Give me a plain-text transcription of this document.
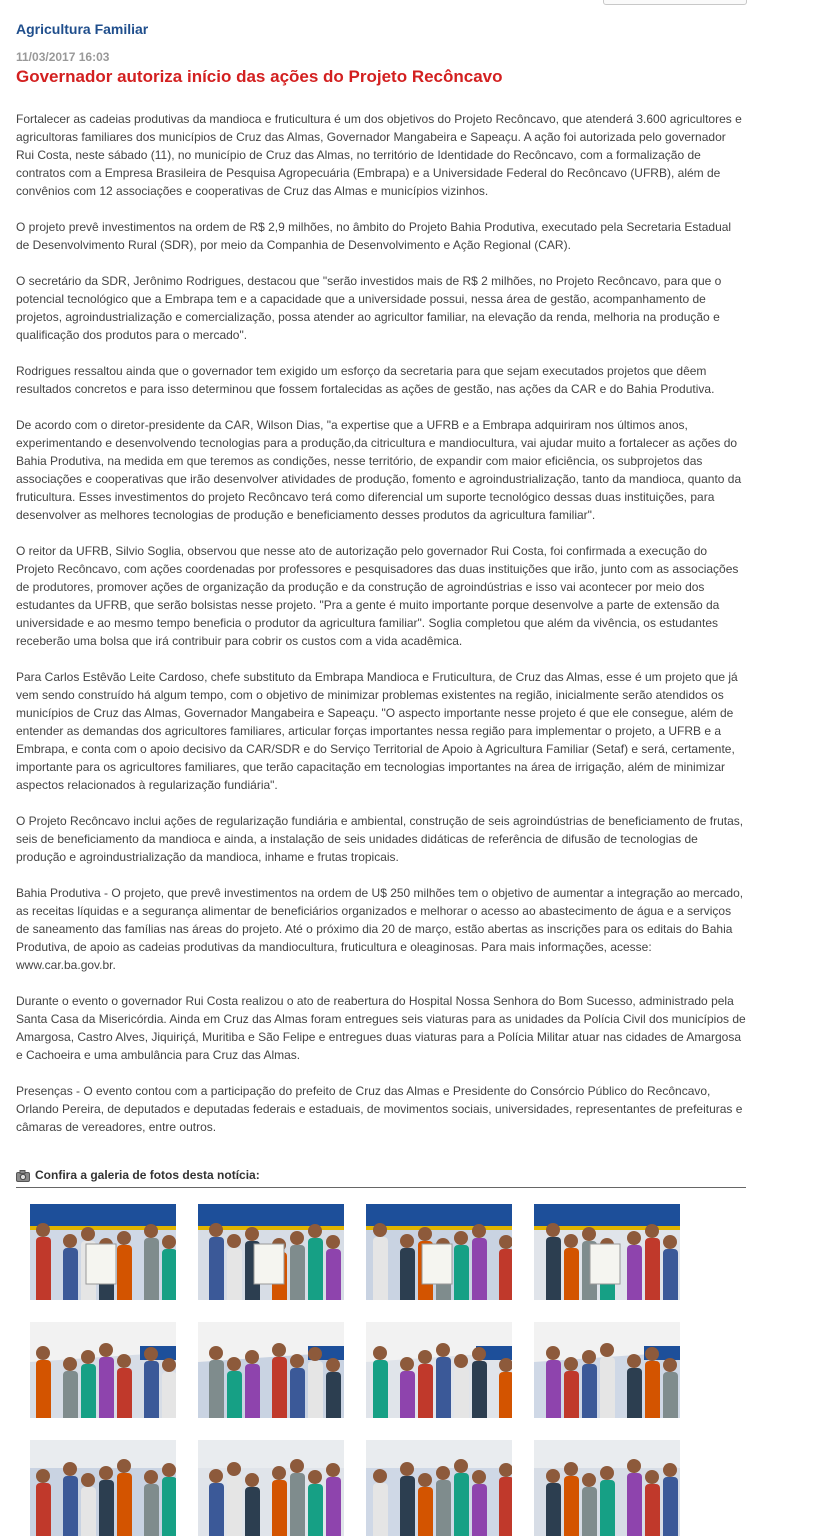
Agricultura Familiar
11/03/2017 16:03
Governador autoriza início das ações do Projeto Recôncavo

Fortalecer as cadeias produtivas da mandioca e fruticultura é um dos objetivos do Projeto Recôncavo, que atenderá 3.600 agricultores e agricultoras familiares dos municípios de Cruz das Almas, Governador Mangabeira e Sapeaçu. A ação foi autorizada pelo governador Rui Costa, neste sábado (11), no município de Cruz das Almas, no território de Identidade do Recôncavo, com a formalização de contratos com a Empresa Brasileira de Pesquisa Agropecuária (Embrapa) e a Universidade Federal do Recôncavo (UFRB), além de convênios com 12 associações e cooperativas de Cruz das Almas e municípios vizinhos.

O projeto prevê investimentos na ordem de R$ 2,9 milhões, no âmbito do Projeto Bahia Produtiva, executado pela Secretaria Estadual de Desenvolvimento Rural (SDR), por meio da Companhia de Desenvolvimento e Ação Regional (CAR).

O secretário da SDR, Jerônimo Rodrigues, destacou que "serão investidos mais de R$ 2 milhões, no Projeto Recôncavo, para que o potencial tecnológico que a Embrapa tem e a capacidade que a universidade possui, nessa área de gestão, acompanhamento de projetos, agroindustrialização e comercialização, possa atender ao agricultor familiar, na elevação da renda, melhoria na produção e qualificação dos produtos para o mercado".

Rodrigues ressaltou ainda que o governador tem exigido um esforço da secretaria para que sejam executados projetos que dêem resultados concretos e para isso determinou que fossem fortalecidas as ações de gestão, nas ações da CAR e do Bahia Produtiva.

De acordo com o diretor-presidente da CAR, Wilson Dias, "a expertise que a UFRB e a Embrapa adquiriram nos últimos anos, experimentando e desenvolvendo tecnologias para a produção,da citricultura e mandiocultura, vai ajudar muito a fortalecer as ações do Bahia Produtiva, na medida em que teremos as condições, nesse território, de expandir com maior eficiência, os subprojetos das associações e cooperativas que irão desenvolver atividades de produção, fomento e agroindustrialização, tanto da mandioca, quanto da fruticultura. Esses investimentos do projeto Recôncavo terá como diferencial um suporte tecnológico dessas duas instituições, para desenvolver as melhores tecnologias de produção e beneficiamento desses produtos da agricultura familiar".

O reitor da UFRB, Silvio Soglia, observou que nesse ato de autorização pelo governador Rui Costa, foi confirmada a execução do Projeto Recôncavo, com ações coordenadas por professores e pesquisadores das duas instituições que irão, junto com as associações de produtores, promover ações de organização da produção e da construção de agroindústrias e isso vai acontecer por meio dos estudantes da UFRB, que serão bolsistas nesse projeto. "Pra a gente é muito importante porque desenvolve a parte de extensão da universidade e ao mesmo tempo beneficia o produtor da agricultura familiar". Soglia completou que além da vivência, os estudantes receberão uma bolsa que irá contribuir para cobrir os custos com a vida acadêmica.

Para Carlos Estêvão Leite Cardoso, chefe substituto da Embrapa Mandioca e Fruticultura, de Cruz das Almas, esse é um projeto que já vem sendo construído há algum tempo, com o objetivo de minimizar problemas existentes na região, inicialmente serão atendidos os municípios de Cruz das Almas, Governador Mangabeira e Sapeaçu. "O aspecto importante nesse projeto é que ele consegue, além de entender as demandas dos agricultores familiares, articular forças importantes nessa região para implementar o projeto, a UFRB e a Embrapa, e conta com o apoio decisivo da CAR/SDR e do Serviço Territorial de Apoio à Agricultura Familiar (Setaf) e será, certamente, importante para os agricultores familiares, que terão capacitação em tecnologias importantes na área de irrigação, além de minimizar aspectos relacionados à regularização fundiária".

O Projeto Recôncavo inclui ações de regularização fundiária e ambiental, construção de seis agroindústrias de beneficiamento de frutas, seis de beneficiamento da mandioca e ainda, a instalação de seis unidades didáticas de referência de difusão de tecnologias de produção e agroindustrialização da mandioca, inhame e frutas tropicais.

Bahia Produtiva - O projeto, que prevê investimentos na ordem de U$ 250 milhões tem o objetivo de aumentar a integração ao mercado, as receitas líquidas e a segurança alimentar de beneficiários organizados e melhorar o acesso ao abastecimento de água e a serviços de saneamento das famílias nas áreas do projeto. Até o próximo dia 20 de março, estão abertas as inscrições para os editais do Bahia Produtiva, de apoio as cadeias produtivas da mandiocultura, fruticultura e oleaginosas. Para mais informações, acesse: www.car.ba.gov.br.

Durante o evento o governador Rui Costa realizou o ato de reabertura do Hospital Nossa Senhora do Bom Sucesso, administrado pela Santa Casa da Misericórdia. Ainda em Cruz das Almas foram entregues seis viaturas para as unidades da Polícia Civil dos municípios de Amargosa, Castro Alves, Jiquiriçá, Muritiba e São Felipe e entregues duas viaturas para a Polícia Militar atuar nas cidades de Amargosa e Cachoeira e uma ambulância para Cruz das Almas.

Presenças - O evento contou com a participação do prefeito de Cruz das Almas e Presidente do Consórcio Público do Recôncavo, Orlando Pereira, de deputados e deputadas federais e estaduais, de movimentos sociais, universidades, representantes de prefeituras e câmaras de vereadores, entre outros.

Confira a galeria de fotos desta notícia:
